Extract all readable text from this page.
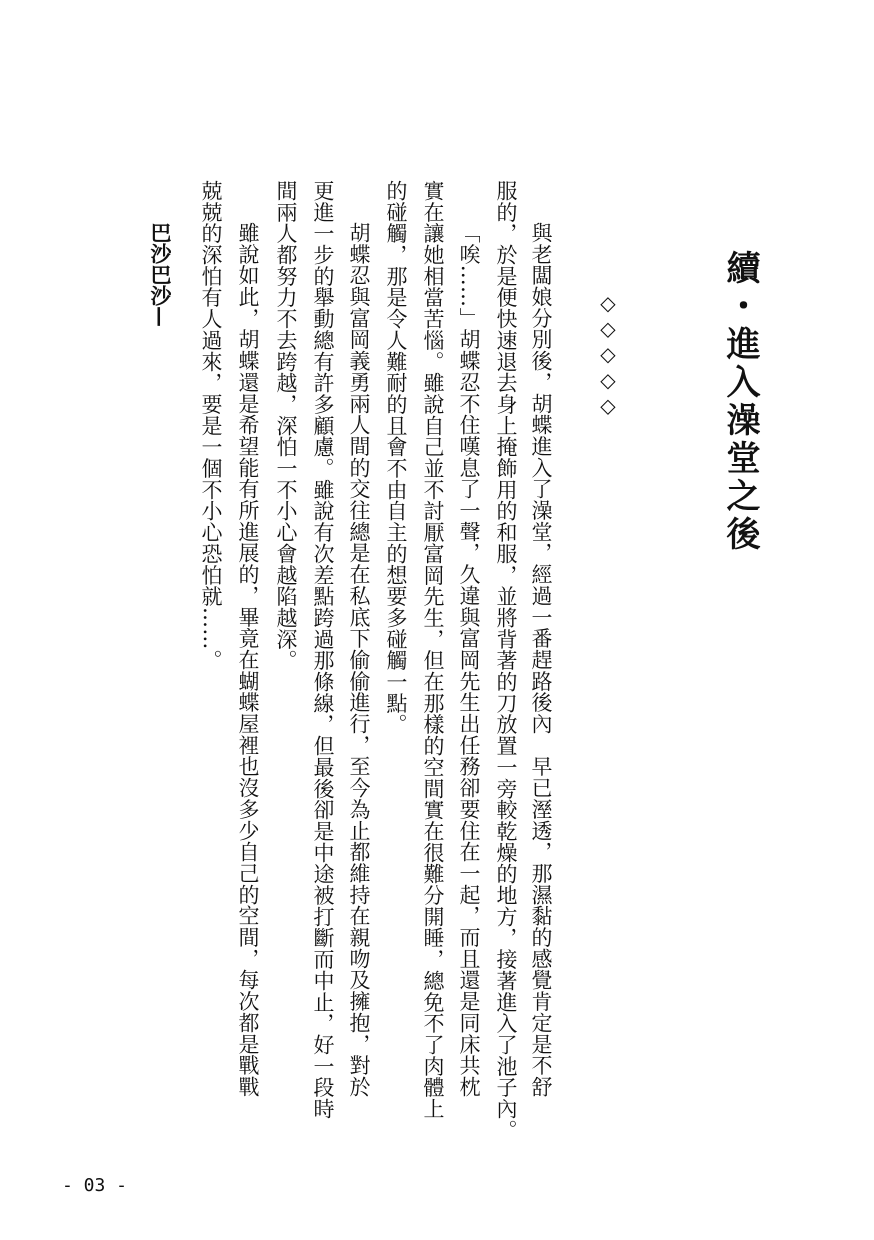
續・進入澡堂之後
◇◇◇◇◇
與老闆娘分別後，胡蝶進入了澡堂，經過一番趕路後內　早已溼透，那濕黏的感覺肯定是不舒
服的，於是便快速退去身上掩飾用的和服，並將背著的刀放置一旁較乾燥的地方，接著進入了池子內。
「唉……」胡蝶忍不住嘆息了一聲，久違與富岡先生出任務卻要住在一起，而且還是同床共枕
實在讓她相當苦惱。雖說自己並不討厭富岡先生，但在那樣的空間實在很難分開睡，總免不了肉體上
的碰觸，那是令人難耐的且會不由自主的想要多碰觸一點。
胡蝶忍與富岡義勇兩人間的交往總是在私底下偷偷進行，至今為止都維持在親吻及擁抱，對於
更進一步的舉動總有許多顧慮。雖說有次差點跨過那條線，但最後卻是中途被打斷而中止，好一段時
間兩人都努力不去跨越，深怕一不小心會越陷越深。
雖說如此，胡蝶還是希望能有所進展的，畢竟在蝴蝶屋裡也沒多少自己的空間，每次都是戰戰
兢兢的深怕有人過來，要是一個不小心恐怕就……。
巴沙巴沙—
- 03 -
